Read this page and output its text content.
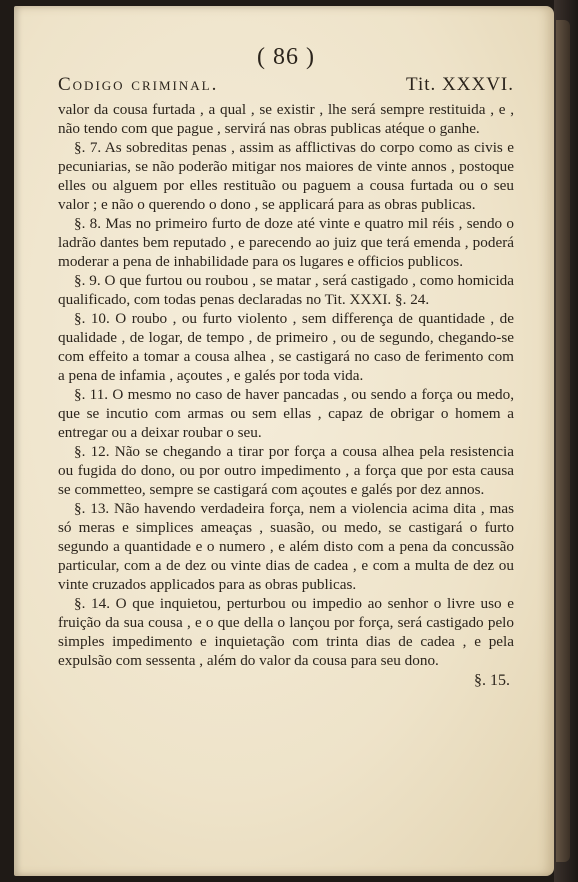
( 86 )
Codigo criminal.	Tit. XXXVI.

valor da cousa furtada , a qual , se existir , lhe será sempre restituida , e , não tendo com que pague , servirá nas obras publicas atéque o ganhe.

§. 7. As sobreditas penas , assim as afflictivas do corpo como as civis e pecuniarias, se não poderão mitigar nos maiores de vinte annos , postoque elles ou alguem por elles restituão ou paguem a cousa furtada ou o seu valor ; e não o querendo o dono , se applicará para as obras publicas.

§. 8. Mas no primeiro furto de doze até vinte e quatro mil réis , sendo o ladrão dantes bem reputado , e parecendo ao juiz que terá emenda , poderá moderar a pena de inhabilidade para os lugares e officios publicos.

§. 9. O que furtou ou roubou , se matar , será castigado , como homicida qualificado, com todas penas declaradas no Tit. XXXI. §. 24.

§. 10. O roubo , ou furto violento , sem differença de quantidade , de qualidade , de logar, de tempo , de primeiro , ou de segundo, chegando-se com effeito a tomar a cousa alhea , se castigará no caso de ferimento com a pena de infamia , açoutes , e galés por toda vida.

§. 11. O mesmo no caso de haver pancadas , ou sendo a força ou medo, que se incutio com armas ou sem ellas , capaz de obrigar o homem a entregar ou a deixar roubar o seu.

§. 12. Não se chegando a tirar por força a cousa alhea pela resistencia ou fugida do dono, ou por outro impedimento , a força que por esta causa se commetteo, sempre se castigará com açoutes e galés por dez annos.

§. 13. Não havendo verdadeira força, nem a violencia acima dita , mas só meras e simplices ameaças , suasão, ou medo, se castigará o furto segundo a quantidade e o numero , e além disto com a pena da concussão particular, com a de dez ou vinte dias de cadea , e com a multa de dez ou vinte cruzados applicados para as obras publicas.

§. 14. O que inquietou, perturbou ou impedio ao senhor o livre uso e fruição da sua cousa , e o que della o lançou por força, será castigado pelo simples impedimento e inquietação com trinta dias de cadea , e pela expulsão com sessenta , além do valor da cousa para seu dono.

§. 15.
